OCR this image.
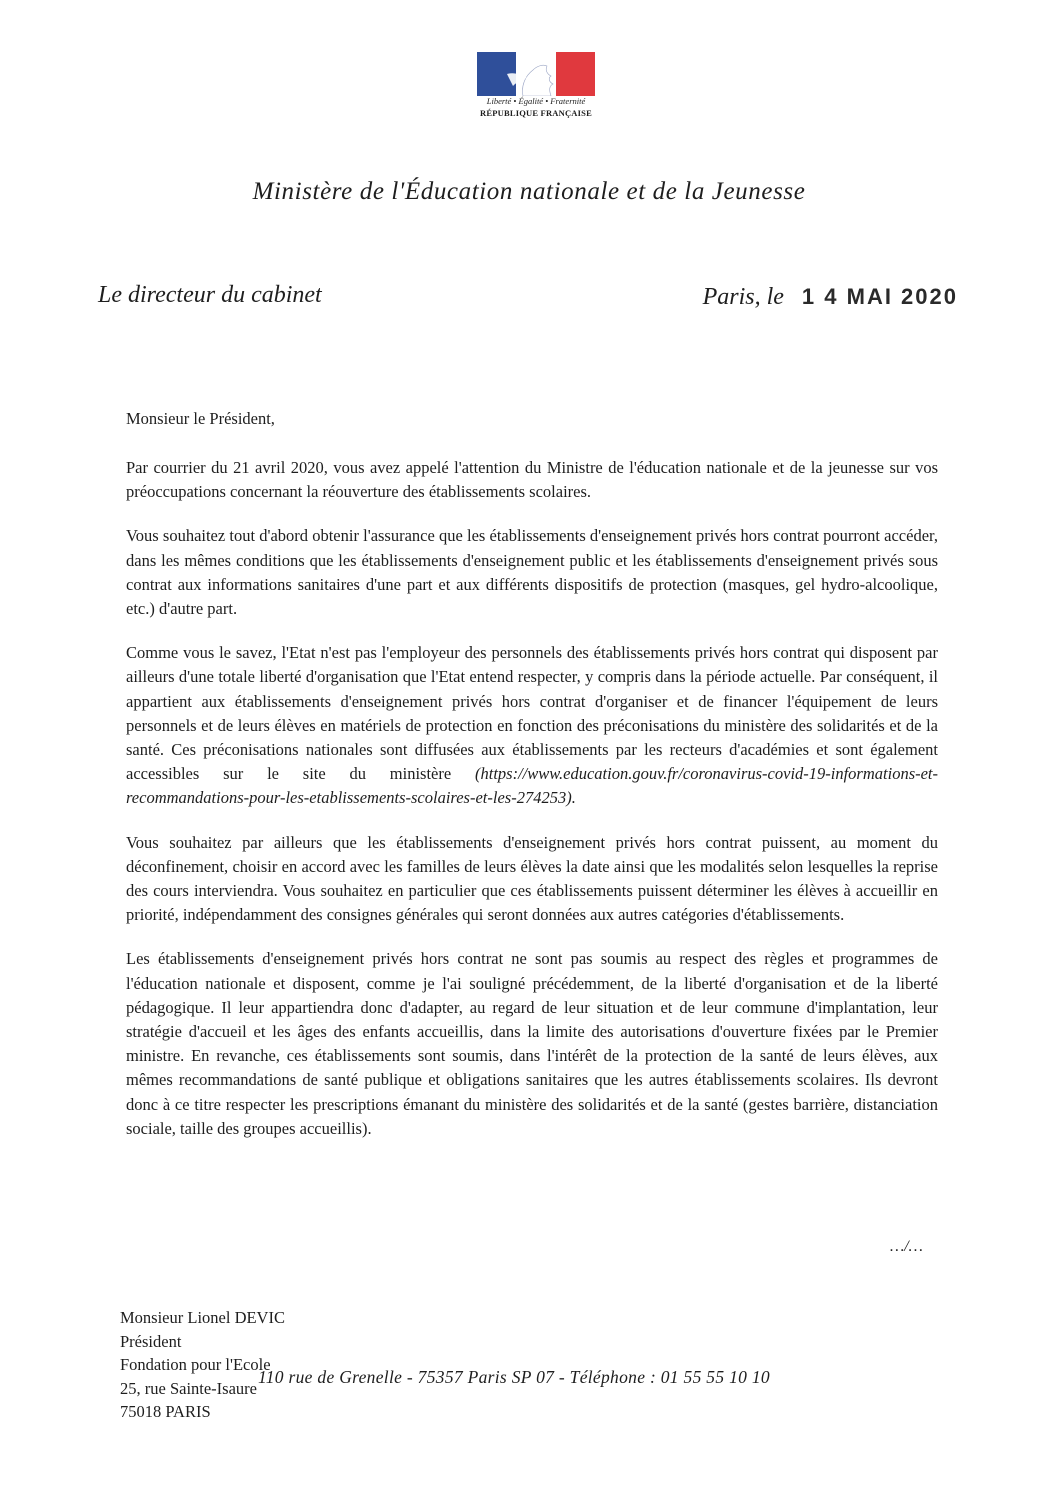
Liberté • Égalité • Fraternité
RÉPUBLIQUE FRANÇAISE
Ministère de l'Éducation nationale et de la Jeunesse
Le directeur du cabinet	Paris, le 1 4 MAI 2020
Monsieur le Président,

Par courrier du 21 avril 2020, vous avez appelé l'attention du Ministre de l'éducation nationale et de la jeunesse sur vos préoccupations concernant la réouverture des établissements scolaires.

Vous souhaitez tout d'abord obtenir l'assurance que les établissements d'enseignement privés hors contrat pourront accéder, dans les mêmes conditions que les établissements d'enseignement public et les établissements d'enseignement privés sous contrat aux informations sanitaires d'une part et aux différents dispositifs de protection (masques, gel hydro-alcoolique, etc.) d'autre part.

Comme vous le savez, l'Etat n'est pas l'employeur des personnels des établissements privés hors contrat qui disposent par ailleurs d'une totale liberté d'organisation que l'Etat entend respecter, y compris dans la période actuelle. Par conséquent, il appartient aux établissements d'enseignement privés hors contrat d'organiser et de financer l'équipement de leurs personnels et de leurs élèves en matériels de protection en fonction des préconisations du ministère des solidarités et de la santé. Ces préconisations nationales sont diffusées aux établissements par les recteurs d'académies et sont également accessibles sur le site du ministère (https://www.education.gouv.fr/coronavirus-covid-19-informations-et-recommandations-pour-les-etablissements-scolaires-et-les-274253).

Vous souhaitez par ailleurs que les établissements d'enseignement privés hors contrat puissent, au moment du déconfinement, choisir en accord avec les familles de leurs élèves la date ainsi que les modalités selon lesquelles la reprise des cours interviendra. Vous souhaitez en particulier que ces établissements puissent déterminer les élèves à accueillir en priorité, indépendamment des consignes générales qui seront données aux autres catégories d'établissements.

Les établissements d'enseignement privés hors contrat ne sont pas soumis au respect des règles et programmes de l'éducation nationale et disposent, comme je l'ai souligné précédemment, de la liberté d'organisation et de la liberté pédagogique. Il leur appartiendra donc d'adapter, au regard de leur situation et de leur commune d'implantation, leur stratégie d'accueil et les âges des enfants accueillis, dans la limite des autorisations d'ouverture fixées par le Premier ministre. En revanche, ces établissements sont soumis, dans l'intérêt de la protection de la santé de leurs élèves, aux mêmes recommandations de santé publique et obligations sanitaires que les autres établissements scolaires. Ils devront donc à ce titre respecter les prescriptions émanant du ministère des solidarités et de la santé (gestes barrière, distanciation sociale, taille des groupes accueillis).

…/…
Monsieur Lionel DEVIC
Président
Fondation pour l'Ecole
25, rue Sainte-Isaure
75018 PARIS
110 rue de Grenelle - 75357 Paris SP 07 - Téléphone : 01 55 55 10 10
